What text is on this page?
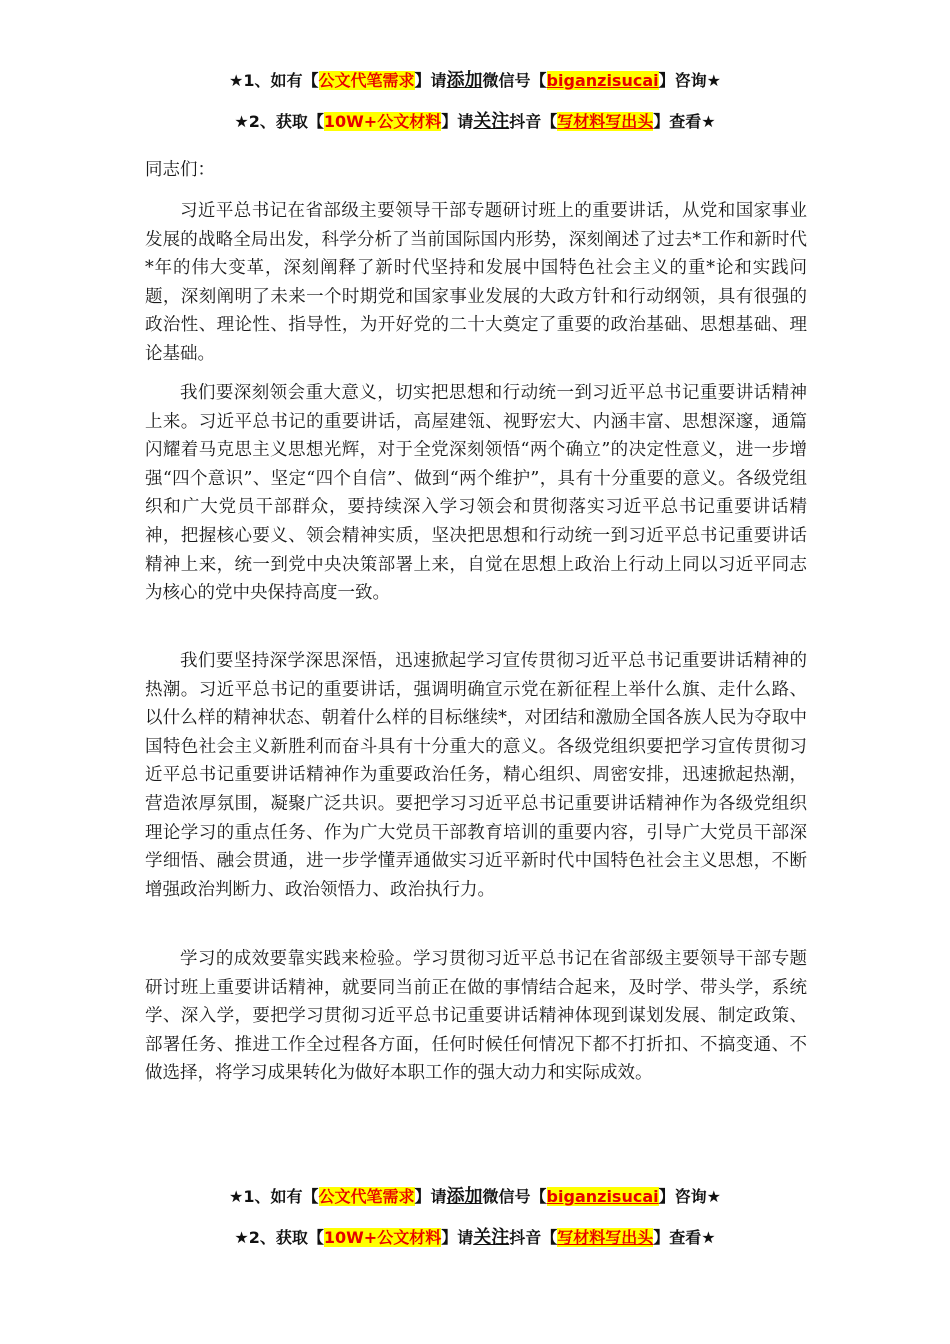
★1、如有【公文代笔需求】请添加微信号【biganzisucai】咨询★
★2、获取【10W+公文材料】请关注抖音【写材料写出头】查看★

同志们：

习近平总书记在省部级主要领导干部专题研讨班上的重要讲话，从党和国家事业发展的战略全局出发，科学分析了当前国际国内形势，深刻阐述了过去*工作和新时代*年的伟大变革，深刻阐释了新时代坚持和发展中国特色社会主义的重*论和实践问题，深刻阐明了未来一个时期党和国家事业发展的大政方针和行动纲领，具有很强的政治性、理论性、指导性，为开好党的二十大奠定了重要的政治基础、思想基础、理论基础。

我们要深刻领会重大意义，切实把思想和行动统一到习近平总书记重要讲话精神上来。习近平总书记的重要讲话，高屋建瓴、视野宏大、内涵丰富、思想深邃，通篇闪耀着马克思主义思想光辉，对于全党深刻领悟“两个确立”的决定性意义，进一步增强“四个意识”、坚定“四个自信”、做到“两个维护”，具有十分重要的意义。各级党组织和广大党员干部群众，要持续深入学习领会和贯彻落实习近平总书记重要讲话精神，把握核心要义、领会精神实质，坚决把思想和行动统一到习近平总书记重要讲话精神上来，统一到党中央决策部署上来，自觉在思想上政治上行动上同以习近平同志为核心的党中央保持高度一致。

我们要坚持深学深思深悟，迅速掀起学习宣传贯彻习近平总书记重要讲话精神的热潮。习近平总书记的重要讲话，强调明确宣示党在新征程上举什么旗、走什么路、以什么样的精神状态、朝着什么样的目标继续*，对团结和激励全国各族人民为夺取中国特色社会主义新胜利而奋斗具有十分重大的意义。各级党组织要把学习宣传贯彻习近平总书记重要讲话精神作为重要政治任务，精心组织、周密安排，迅速掀起热潮，营造浓厚氛围，凝聚广泛共识。要把学习习近平总书记重要讲话精神作为各级党组织理论学习的重点任务、作为广大党员干部教育培训的重要内容，引导广大党员干部深学细悟、融会贯通，进一步学懂弄通做实习近平新时代中国特色社会主义思想，不断增强政治判断力、政治领悟力、政治执行力。

学习的成效要靠实践来检验。学习贯彻习近平总书记在省部级主要领导干部专题研讨班上重要讲话精神，就要同当前正在做的事情结合起来，及时学、带头学，系统学、深入学，要把学习贯彻习近平总书记重要讲话精神体现到谋划发展、制定政策、部署任务、推进工作全过程各方面，任何时候任何情况下都不打折扣、不搞变通、不做选择，将学习成果转化为做好本职工作的强大动力和实际成效。

★1、如有【公文代笔需求】请添加微信号【biganzisucai】咨询★
★2、获取【10W+公文材料】请关注抖音【写材料写出头】查看★
